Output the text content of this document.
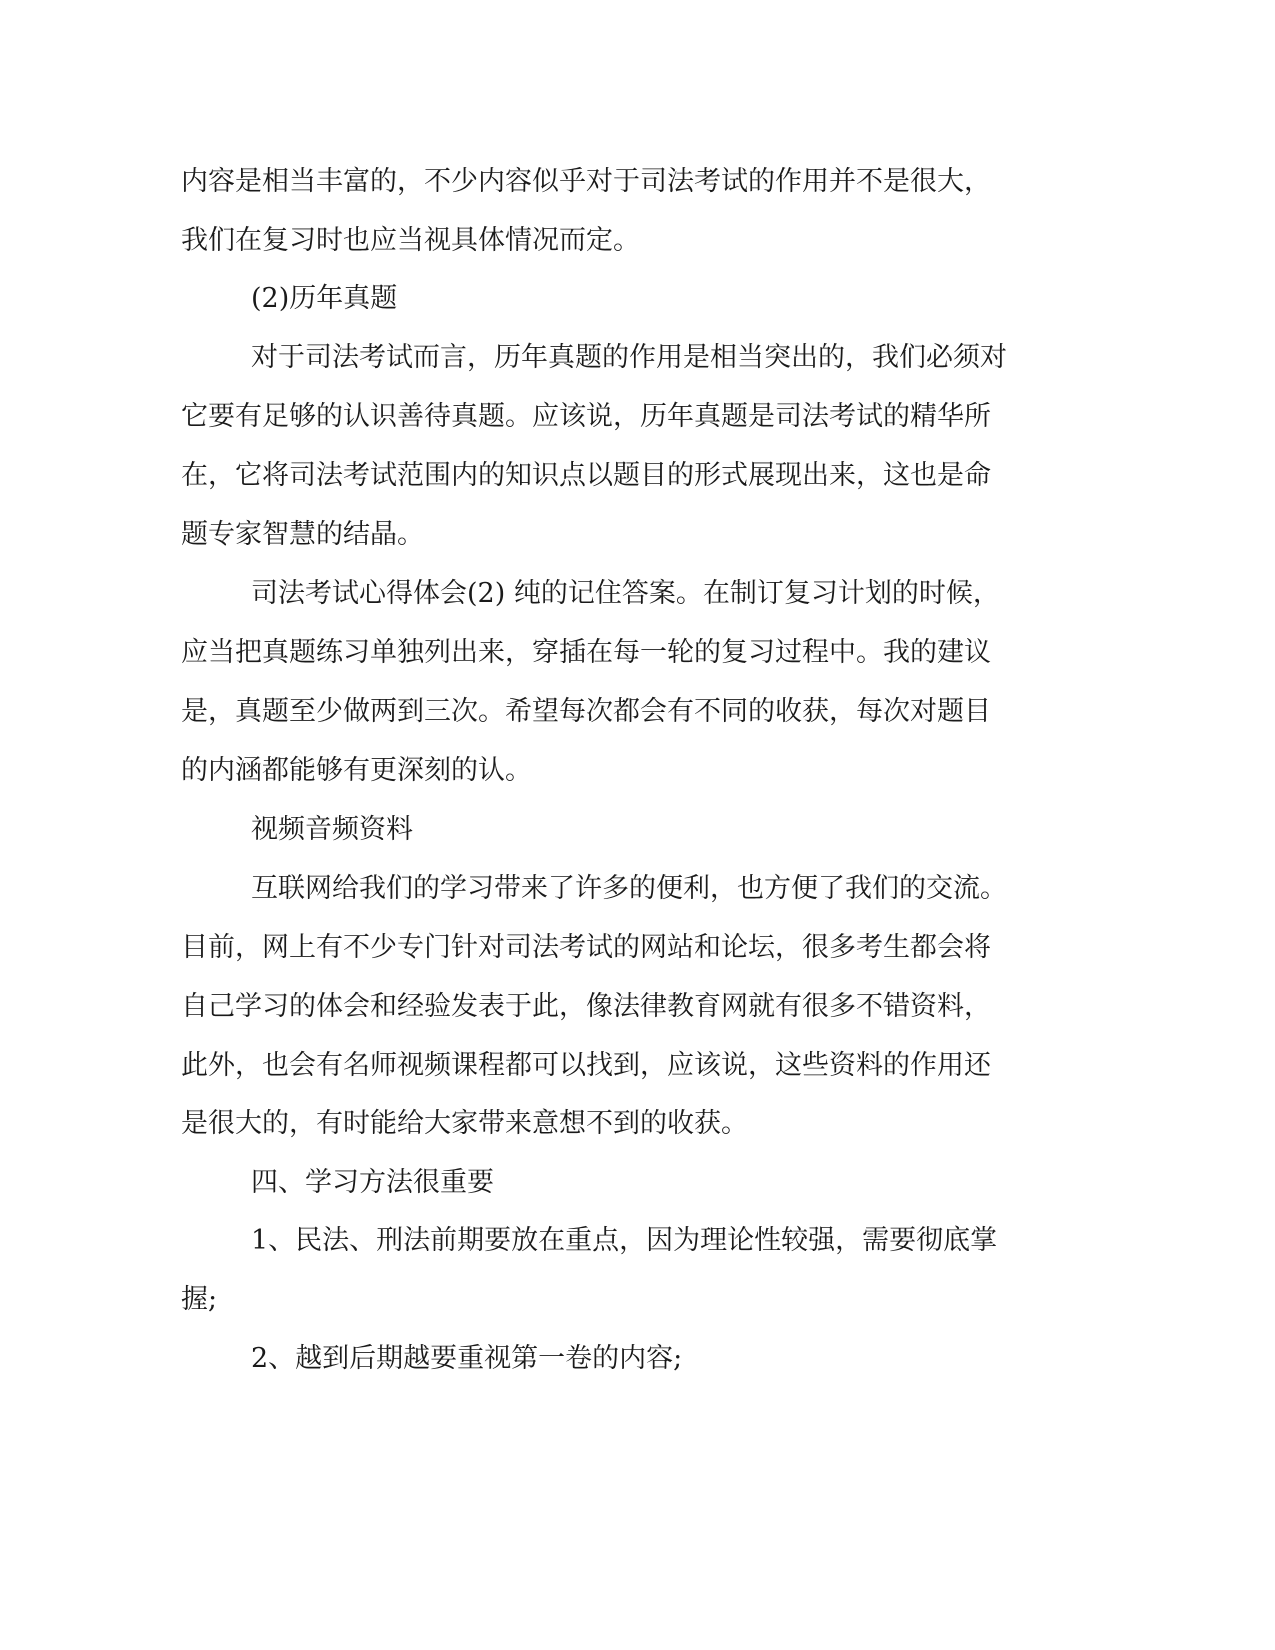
内容是相当丰富的，不少内容似乎对于司法考试的作用并不是很大，
我们在复习时也应当视具体情况而定。
(2)历年真题
对于司法考试而言，历年真题的作用是相当突出的，我们必须对
它要有足够的认识善待真题。应该说，历年真题是司法考试的精华所
在，它将司法考试范围内的知识点以题目的形式展现出来，这也是命
题专家智慧的结晶。
司法考试心得体会(2) 纯的记住答案。在制订复习计划的时候，
应当把真题练习单独列出来，穿插在每一轮的复习过程中。我的建议
是，真题至少做两到三次。希望每次都会有不同的收获，每次对题目
的内涵都能够有更深刻的认。
视频音频资料
互联网给我们的学习带来了许多的便利，也方便了我们的交流。
目前，网上有不少专门针对司法考试的网站和论坛，很多考生都会将
自己学习的体会和经验发表于此，像法律教育网就有很多不错资料，
此外，也会有名师视频课程都可以找到，应该说，这些资料的作用还
是很大的，有时能给大家带来意想不到的收获。
四、学习方法很重要
1、民法、刑法前期要放在重点，因为理论性较强，需要彻底掌
握;
2、越到后期越要重视第一卷的内容;
